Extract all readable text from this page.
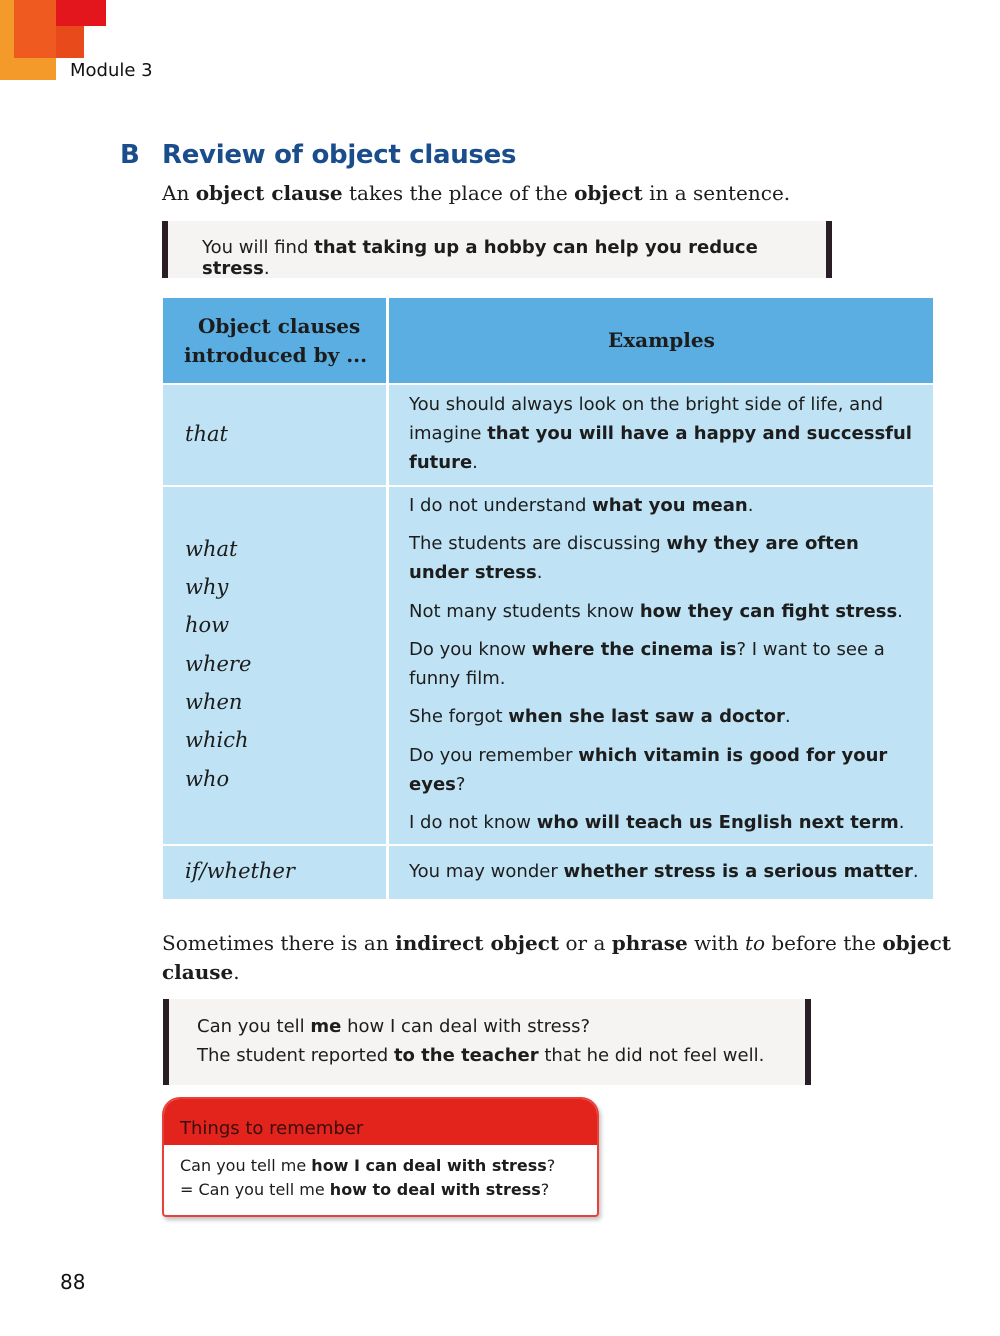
Module 3
B Review of object clauses
An object clause takes the place of the object in a sentence.
You will find that taking up a hobby can help you reduce stress.
Object clauses
introduced by ...
Examples
that
You should always look on the bright side of life, and
imagine that you will have a happy and successful
future.
what
why
how
where
when
which
who
I do not understand what you mean.
The students are discussing why they are often
under stress.
Not many students know how they can fight stress.
Do you know where the cinema is? I want to see a
funny film.
She forgot when she last saw a doctor.
Do you remember which vitamin is good for your
eyes?
I do not know who will teach us English next term.
if/whether	You may wonder whether stress is a serious matter.
Sometimes there is an indirect object or a phrase with to before the object
clause.
Can you tell me how I can deal with stress?
The student reported to the teacher that he did not feel well.
Things to remember
Can you tell me how I can deal with stress?
= Can you tell me how to deal with stress?
88
